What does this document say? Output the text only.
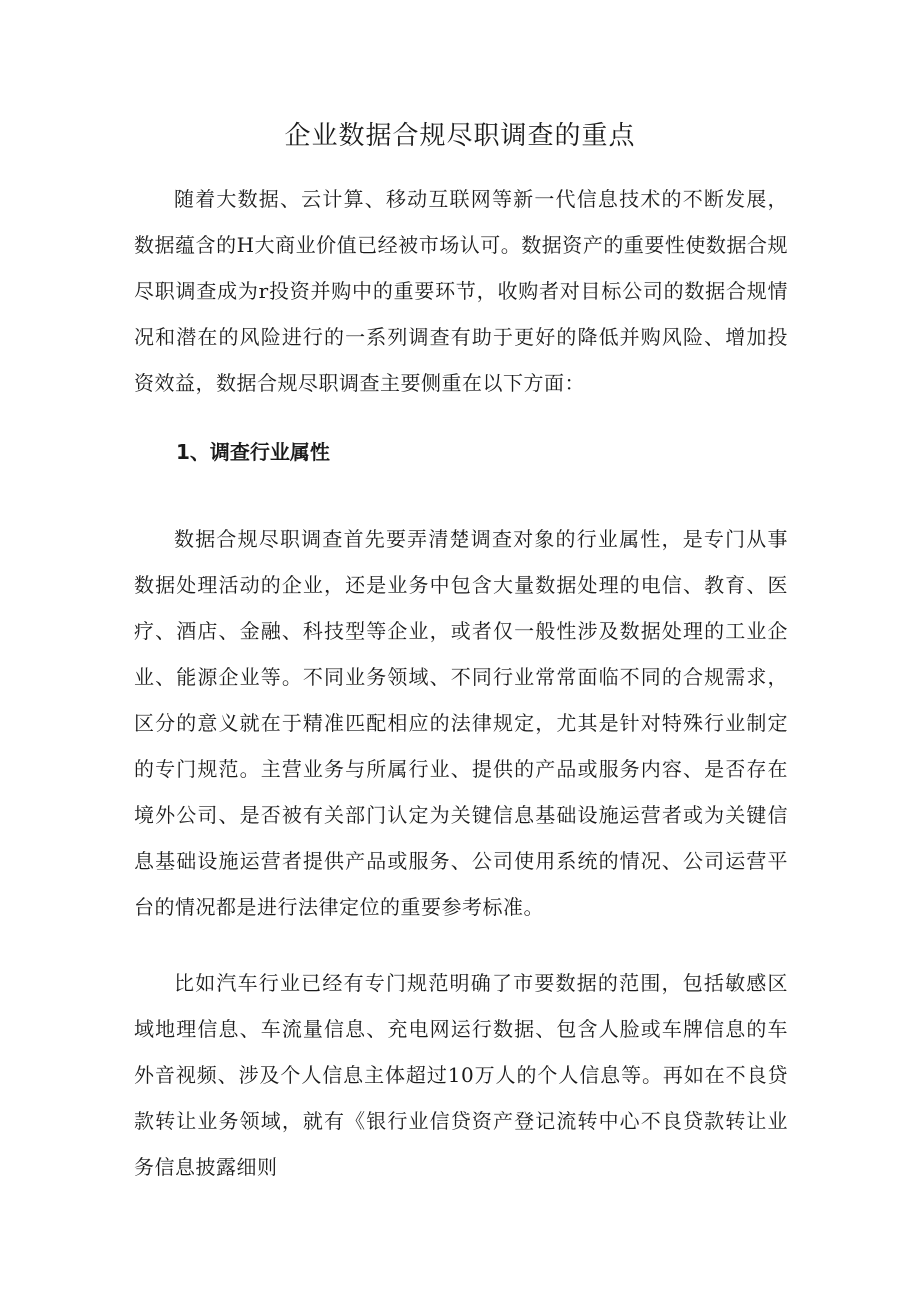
企业数据合规尽职调查的重点

随着大数据、云计算、移动互联网等新一代信息技术的不断发展，数据蕴含的H大商业价值已经被市场认可。数据资产的重要性使数据合规尽职调查成为r投资并购中的重要环节，收购者对目标公司的数据合规情况和潜在的风险进行的一系列调查有助于更好的降低并购风险、增加投资效益，数据合规尽职调查主要侧重在以下方面：

1、调查行业属性

数据合规尽职调查首先要弄清楚调查对象的行业属性，是专门从事数据处理活动的企业，还是业务中包含大量数据处理的电信、教育、医疗、酒店、金融、科技型等企业，或者仅一般性涉及数据处理的工业企业、能源企业等。不同业务领域、不同行业常常面临不同的合规需求，区分的意义就在于精准匹配相应的法律规定，尤其是针对特殊行业制定的专门规范。主营业务与所属行业、提供的产品或服务内容、是否存在境外公司、是否被有关部门认定为关键信息基础设施运营者或为关键信息基础设施运营者提供产品或服务、公司使用系统的情况、公司运营平台的情况都是进行法律定位的重要参考标准。

比如汽车行业已经有专门规范明确了市要数据的范围，包括敏感区域地理信息、车流量信息、充电网运行数据、包含人脸或车牌信息的车外音视频、涉及个人信息主体超过10万人的个人信息等。再如在不良贷款转让业务领域，就有《银行业信贷资产登记流转中心不良贷款转让业务信息披露细则
